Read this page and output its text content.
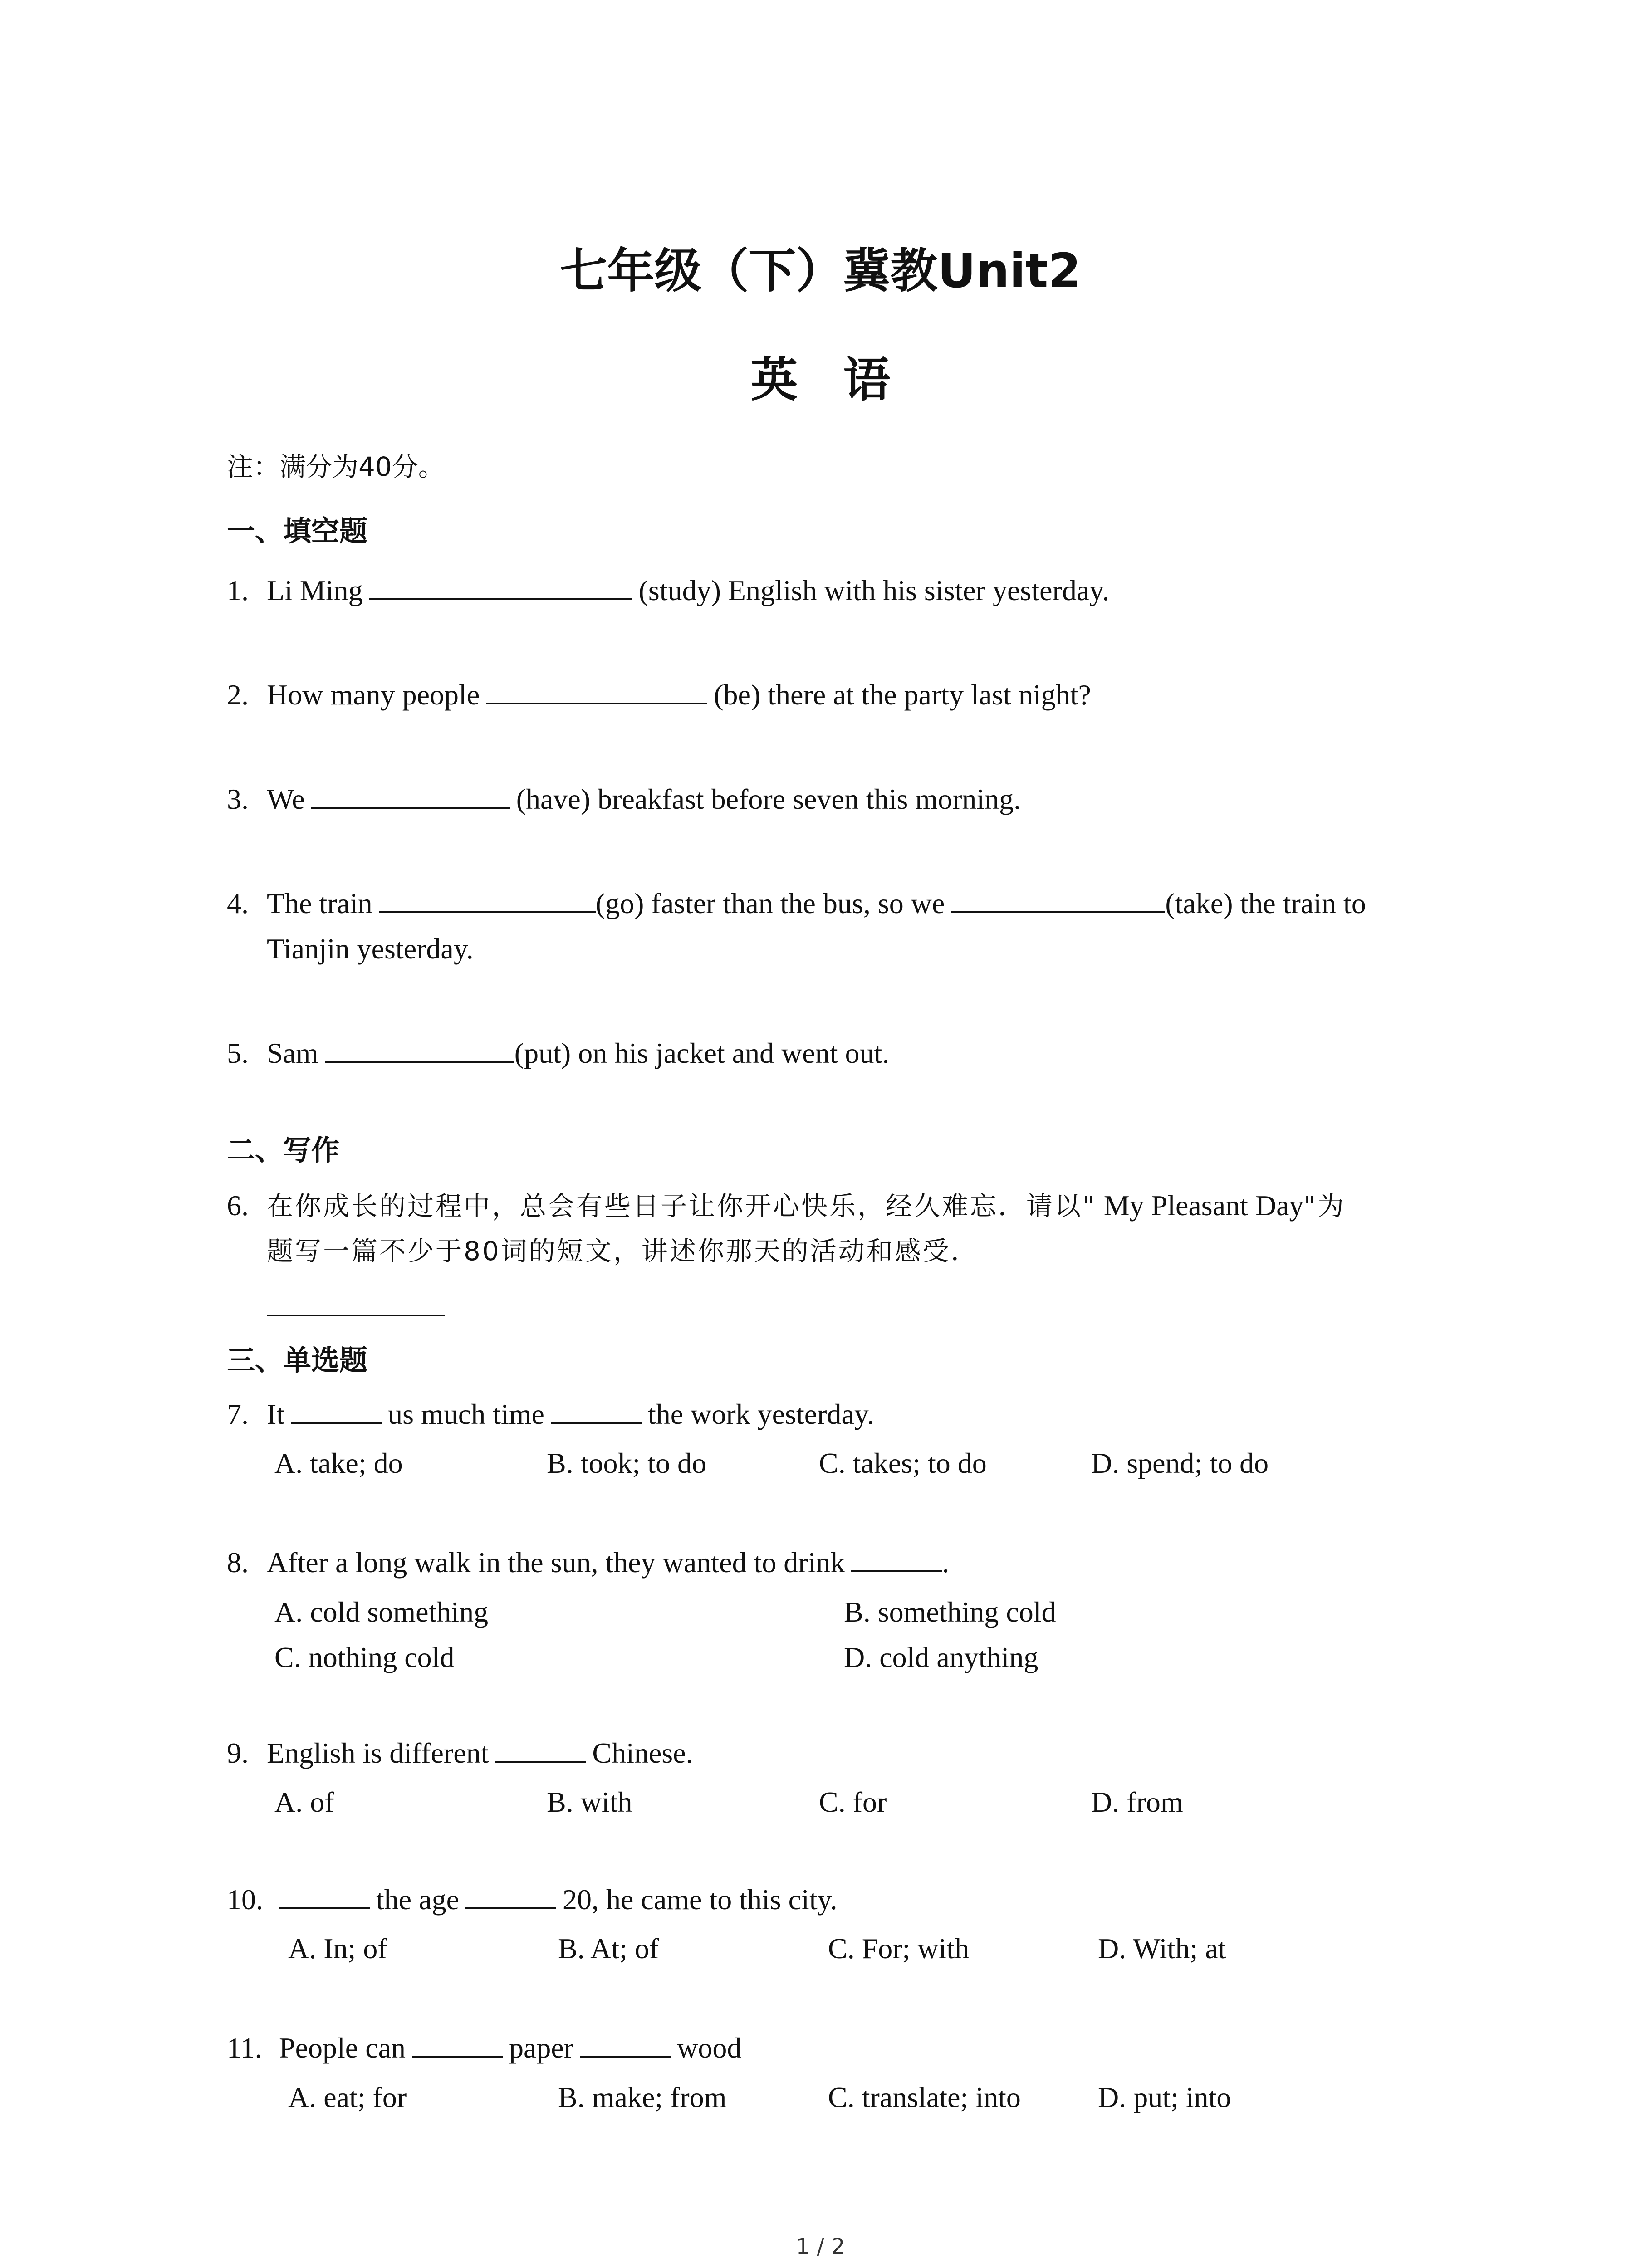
七年级（下）冀教Unit2
英语
注：满分为40分。
一、填空题
1. Li Ming	(study) English with his sister yesterday.
2. How many people	(be) there at the party last night?
3. We	(have) breakfast before seven this morning.
4. The train	(go) faster than the bus, so we	(take) the train to
Tianjin yesterday.
5. Sam	(put) on his jacket and went out.
二、写作
6. 在你成长的过程中，总会有些日子让你开心快乐，经久难忘．请以" My Pleasant Day"为
题写一篇不少于80词的短文，讲述你那天的活动和感受．
三、单选题
7. It	us much time	the work yesterday.
A. take; do	B. took; to do	C. takes; to do	D. spend; to do
8. After a long walk in the sun, they wanted to drink	.
A. cold something	B. something cold
C. nothing cold	D. cold anything
9. English is different	Chinese.
A. of	B. with	C. for	D. from
10.	the age	20, he came to this city.
A. In; of	B. At; of	C. For; with	D. With; at
11. People can	paper	wood
A. eat; for	B. make; from	C. translate; into	D. put; into
1 / 2
